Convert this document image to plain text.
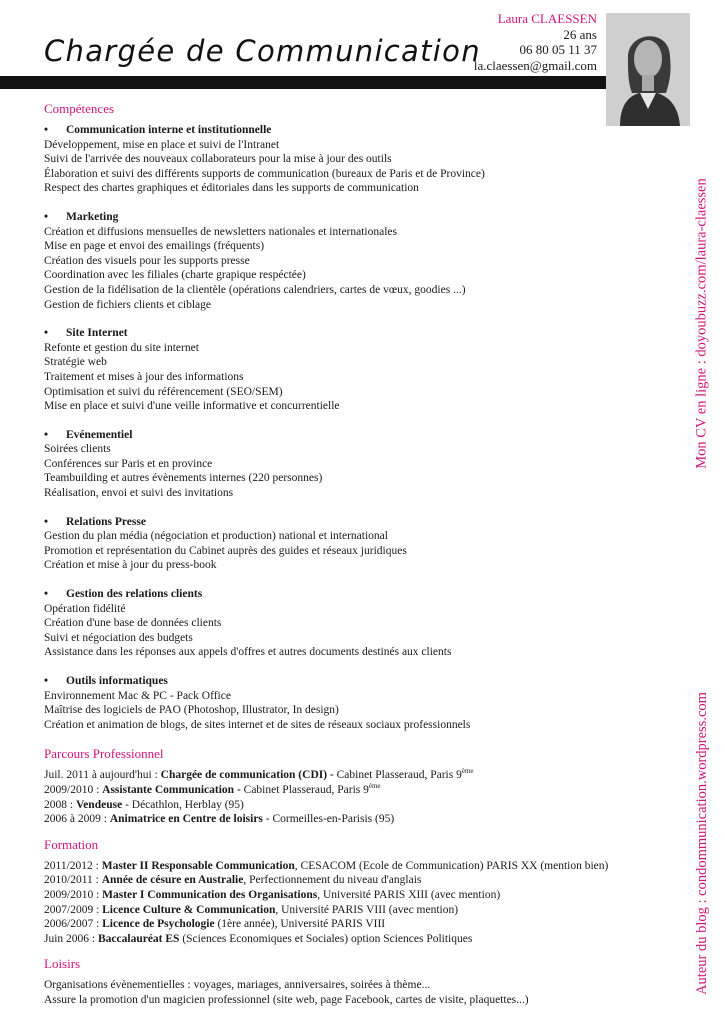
Chargée de Communication
Laura CLAESSEN
26 ans
06 80 05 11 37
la.claessen@gmail.com
Mon CV en ligne : doyoubuzz.com/laura-claessen
Auteur du blog : condommunication.wordpress.com
Compétences
• Communication interne et institutionnelle
Développement, mise en place et suivi de l'Intranet
Suivi de l'arrivée des nouveaux collaborateurs pour la mise à jour des outils
Élaboration et suivi des différents supports de communication (bureaux de Paris et de Province)
Respect des chartes graphiques et éditoriales dans les supports de communication
• Marketing
Création et diffusions mensuelles de newsletters nationales et internationales
Mise en page et envoi des emailings (fréquents)
Création des visuels pour les supports presse
Coordination avec les filiales (charte grapique respéctée)
Gestion de la fidélisation de la clientèle (opérations calendriers, cartes de vœux, goodies ...)
Gestion de fichiers clients et ciblage
• Site Internet
Refonte et gestion du site internet
Stratégie web
Traitement et mises à jour des informations
Optimisation et suivi du référencement (SEO/SEM)
Mise en place et suivi d'une veille informative et concurrentielle
• Evénementiel
Soirées clients
Conférences sur Paris et en province
Teambuilding et autres évènements internes (220 personnes)
Réalisation, envoi et suivi des invitations
• Relations Presse
Gestion du plan média (négociation et production) national et international
Promotion et représentation du Cabinet auprès des guides et réseaux juridiques
Création et mise à jour du press-book
• Gestion des relations clients
Opération fidélité
Création d'une base de données clients
Suivi et négociation des budgets
Assistance dans les réponses aux appels d'offres et autres documents destinés aux clients
• Outils informatiques
Environnement Mac & PC - Pack Office
Maîtrise des logiciels de PAO (Photoshop, Illustrator, In design)
Création et animation de blogs, de sites internet et de sites de réseaux sociaux professionnels
Parcours Professionnel
Juil. 2011 à aujourd'hui : Chargée de communication (CDI) - Cabinet Plasseraud, Paris 9ème
2009/2010 : Assistante Communication - Cabinet Plasseraud, Paris 9ème
2008 : Vendeuse - Décathlon, Herblay (95)
2006 à 2009 : Animatrice en Centre de loisirs - Cormeilles-en-Parisis (95)
Formation
2011/2012 : Master II Responsable Communication, CESACOM (Ecole de Communication) PARIS XX (mention bien)
2010/2011 : Année de césure en Australie, Perfectionnement du niveau d'anglais
2009/2010 : Master I Communication des Organisations, Université PARIS XIII (avec mention)
2007/2009 : Licence Culture & Communication, Université PARIS VIII (avec mention)
2006/2007 : Licence de Psychologie (1ère année), Université PARIS VIII
Juin 2006 : Baccalauréat ES (Sciences Economiques et Sociales) option Sciences Politiques
Loisirs
Organisations évènementielles : voyages, mariages, anniversaires, soirées à thème...
Assure la promotion d'un magicien professionnel (site web, page Facebook, cartes de visite, plaquettes...)
